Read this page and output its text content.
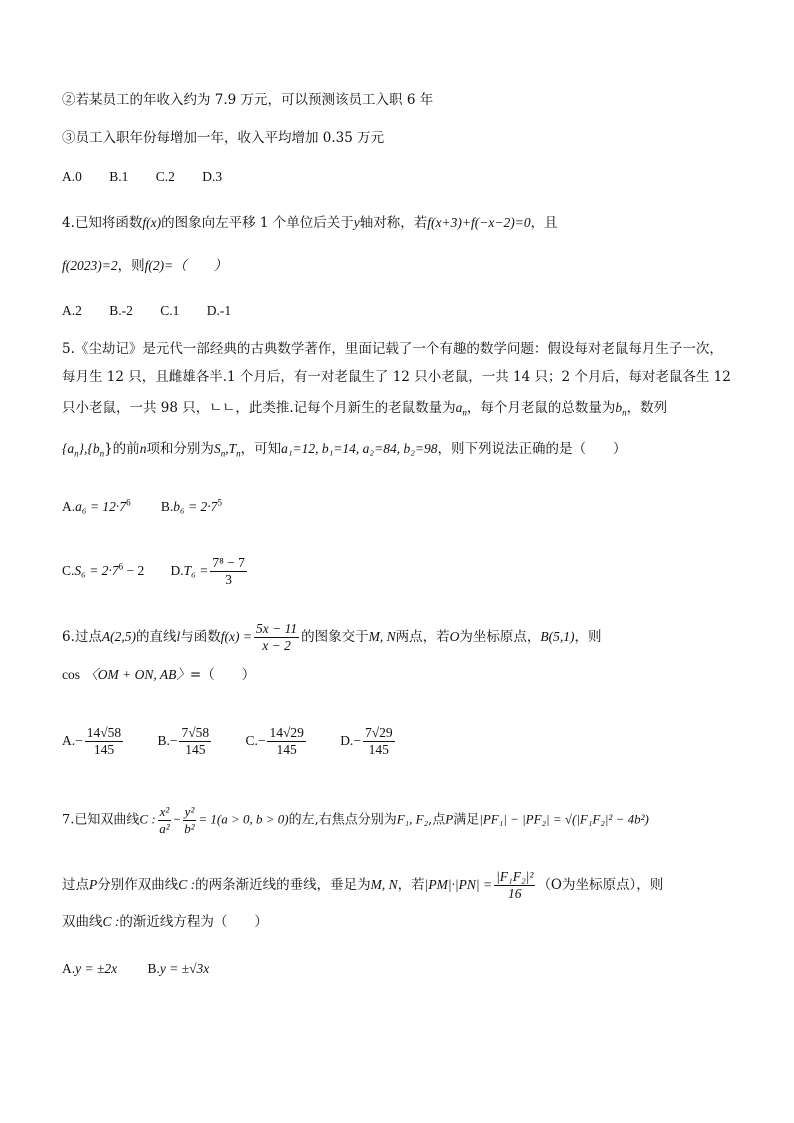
②若某员工的年收入约为 7.9 万元，可以预测该员工入职 6 年
③员工入职年份每增加一年，收入平均增加 0.35 万元
A.0 B.1 C.2 D.3
4.已知将函数f(x)的图象向左平移 1 个单位后关于y轴对称，若f(x+3)+f(−x−2)=0，且
f(2023)=2，则f(2)=（　　）
A.2 B.-2 C.1 D.-1
5.《尘劫记》是元代一部经典的古典数学著作，里面记载了一个有趣的数学问题：假设每对老鼠每月生子一次，
每月生 12 只，且雌雄各半.1 个月后，有一对老鼠生了 12 只小老鼠，一共 14 只；2 个月后，每对老鼠各生 12
只小老鼠，一共 98 只，ㄴㄴ，此类推.记每个月新生的老鼠数量为$a_n$，每个月老鼠的总数量为$b_n$，数列
$\{a_n\},\{b_n\}$的前n项和分别为$S_n,T_n$，可知a₁=12, b₁=14, a₂=84, b₂=98，则下列说法正确的是（　　）
$A.a_6 = 12\cdot 7^6$ $B.b_6 = 2\cdot 7^5$
$C.S_6 = 2\cdot 7^6 - 2$ $D.T_6 = \frac{\text{7⁸ − 7}}{3}$
6.过点A(2,5)的直线l与函数$f(x) = \frac{5x - 11}{x - 2}$ 的图象交于M, N两点，若O为坐标原点，B(5,1)，则
cos 〈OM + ON, AB〉=（　　）
$A.- \frac{14√58}{145}$	$B.- \frac{7√58}{145}$	$C.- \frac{14√29}{145}$	$D.- \frac{7√29}{145}$
7.已知双曲线C : $\frac{\text{x²}}{\text{a²}} - \frac{\text{y²}}{\text{b²}} = 1(a > 0$, b > 0)的左,右焦点分别为F₁, F₂,点P满足|PF₁| − |PF₂| = √(|F₁F₂|² − 4b²)
过点P分别作双曲线C :的两条渐近线的垂线，垂足为M, N，若$|PM|\cdot|PN| = \frac{\text{|F₁F₂|²}}{16} (O$为坐标原点），则
双曲线C :的渐近线方程为（　　）
A.y = ±2x B.y = ±√3x
